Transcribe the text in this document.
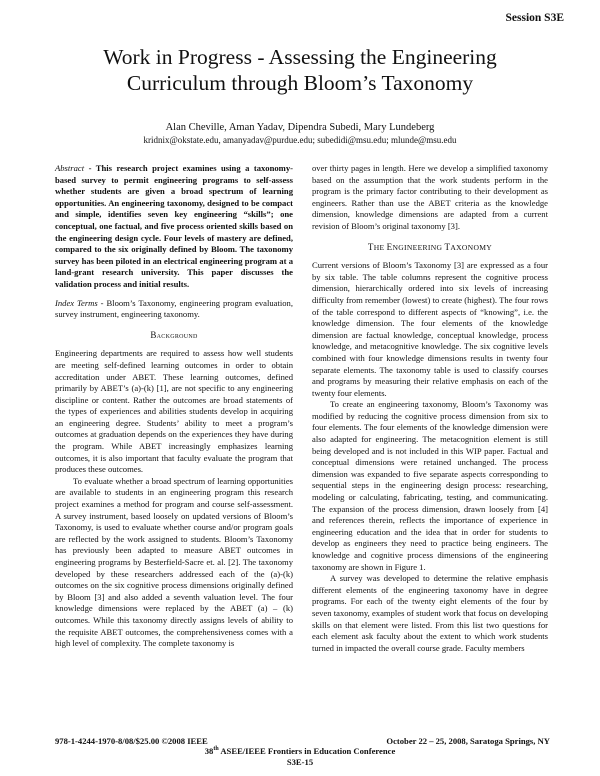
Session S3E
Work in Progress - Assessing the Engineering
Curriculum through Bloom’s Taxonomy
Alan Cheville, Aman Yadav, Dipendra Subedi, Mary Lundeberg
kridnix@okstate.edu, amanyadav@purdue.edu; subedidi@msu.edu; mlunde@msu.edu

Abstract - This research project examines using a taxonomy-based survey to permit engineering programs to self-assess whether students are given a broad spectrum of learning opportunities. An engineering taxonomy, designed to be compact and simple, identifies seven key engineering “skills”; one conceptual, one factual, and five process oriented skills based on the engineering design cycle. Four levels of mastery are defined, compared to the six originally defined by Bloom. The taxonomy survey has been piloted in an electrical engineering program at a land-grant research university. This paper discusses the validation process and initial results.

Index Terms - Bloom’s Taxonomy, engineering program evaluation, survey instrument, engineering taxonomy.

Background

Engineering departments are required to assess how well students are meeting self-defined learning outcomes in order to obtain accreditation under ABET. These learning outcomes, defined primarily by ABET’s (a)-(k) [1], are not specific to any engineering discipline or content. Rather the outcomes are broad statements of the types of experiences and abilities students develop in acquiring an engineering degree. Students’ ability to meet a program’s outcomes at graduation depends on the experiences they have during the program. While ABET increasingly emphasizes learning outcomes, it is also important that faculty evaluate the program that produces these outcomes.

To evaluate whether a broad spectrum of learning opportunities are available to students in an engineering program this research project examines a method for program and course self-assessment. A survey instrument, based loosely on updated versions of Bloom’s Taxonomy, is used to evaluate whether course and/or program goals are reflected by the work assigned to students. Bloom’s Taxonomy has previously been adapted to measure ABET outcomes in engineering programs by Besterfield-Sacre et. al. [2]. The taxonomy developed by these researchers addressed each of the (a)-(k) outcomes on the six cognitive process dimensions originally defined by Bloom [3] and also added a seventh valuation level. The four knowledge dimensions were replaced by the ABET (a) – (k) outcomes. While this taxonomy directly assigns levels of ability to the requisite ABET outcomes, the comprehensiveness comes with a high level of complexity. The complete taxonomy is

over thirty pages in length. Here we develop a simplified taxonomy based on the assumption that the work students perform in the program is the primary factor contributing to their development as engineers. Rather than use the ABET criteria as the knowledge dimension, knowledge dimensions are adapted from a current revision of Bloom’s original taxonomy [3].

THE ENGINEERING TAXONOMY

Current versions of Bloom’s Taxonomy [3] are expressed as a four by six table. The table columns represent the cognitive process dimension, hierarchically ordered into six levels of increasing difficulty from remember (lowest) to create (highest). The four rows of the table correspond to different aspects of “knowing”, i.e. the knowledge dimension. The four elements of the knowledge dimension are factual knowledge, conceptual knowledge, process knowledge, and metacognitive knowledge. The six cognitive levels combined with four knowledge dimensions results in twenty four separate elements. The taxonomy table is used to classify courses and programs by measuring their relative emphasis on each of the twenty four elements.

To create an engineering taxonomy, Bloom’s Taxonomy was modified by reducing the cognitive process dimension from six to four elements. The four elements of the knowledge dimension were also adapted for engineering. The metacognition element is still being developed and is not included in this WIP paper. Factual and conceptual dimensions were retained unchanged. The process dimension was expanded to five separate aspects corresponding to sequential steps in the engineering design process: researching, modeling or calculating, fabricating, testing, and communicating. The expansion of the process dimension, drawn loosely from [4] and references therein, reflects the importance of experience in engineering education and the idea that in order for students to develop as engineers they need to practice being engineers. The knowledge and cognitive process dimensions of the engineering taxonomy are shown in Figure 1.

A survey was developed to determine the relative emphasis different elements of the engineering taxonomy have in degree programs. For each of the twenty eight elements of the four by seven taxonomy, examples of student work that focus on developing skills on that element were listed. From this list two questions for each element ask faculty about the extent to which work students turned in impacted the overall course grade. Faculty members

978-1-4244-1970-8/08/$25.00 ©2008 IEEE	October 22 – 25, 2008, Saratoga Springs, NY
38th ASEE/IEEE Frontiers in Education Conference
S3E-15
